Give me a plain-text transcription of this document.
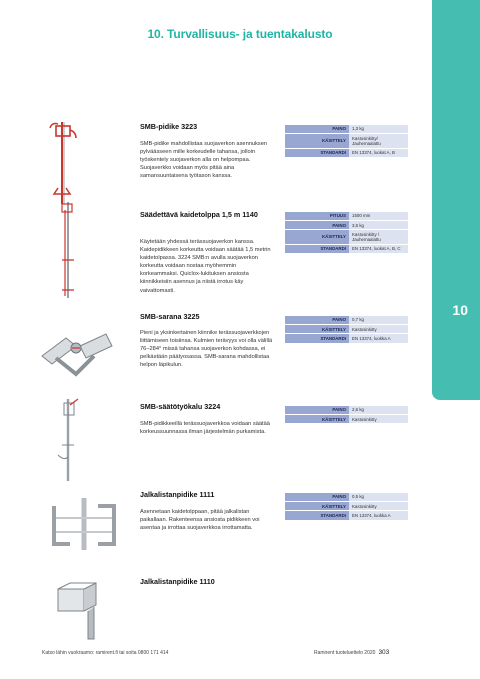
10
10. Turvallisuus- ja tuentakalusto
SMB-pidike 3223
SMB-pidike mahdollistaa suojaverkon asennuksen pylväässeen mille korkeudelle tahansa, jolloin työskentely suojaverkon alla on helpompaa. Suojaverkko voidaan myös pitää aina samansuuntaisena työtason kanssa.
PAINO	1,3 kg
KÄSITTELY	Kastosinkitty/ Jauhemaalattu
STANDARDI	EN 13374, luokat A, B
Säädettävä kaidetolppa 1,5 m 1140
Käytetään yhdessä terässuojaverkon kanssa. Kaidepidikkeen korkeutta voidaan säätää 1,5 metrin kaidetolpassa. 3224 SMB:n avulla suojaverkon korkeutta voidaan nostaa myöhemmin korkeammaksi. Quiclox-lukituksen ansiosta kiinnikkeisiin asennus ja niistä irrotus käy vaivattomasti.
PITUUS	1500 mm
PAINO	3,5 kg
KÄSITTELY	Kastosinkitty / Jauhemaalattu
STANDARDI	EN 13374, luokat A, B, C
SMB-sarana 3225
Pieni ja yksinkertainen kiinnike terässuojaverkkojen liittämiseen toisiinsa. Kulmien terävyys voi olla välillä 76–284° missä tahansa suojaverkon kohdassa, ei pelkästään päätyosassa. SMB-sarana mahdollistaa helpon läpikulun.
PAINO	0,7 kg
KÄSITTELY	Kastosinkitty
STANDARDI	EN 13374, luokka A
SMB-säätötyökalu 3224
SMB-pidikkeeillä terässuojaverkkoa voidaan säätää korkeussuunnassa ilman järjestelmän purkamista.
PAINO	2,6 kg
KÄSITTELY	Kastosinkitty
Jalkalistanpidike 1111
Asennetaan kaidetolppaan, pitää jalkalistan paikallaan. Rakenteensa ansiosta pidikkeen voi asentaa ja irrottaa suojaverkkoa irrottamatta.
PAINO	0,5 kg
KÄSITTELY	Kastosinkitty
STANDARDI	EN 13374, luokka A
Jalkalistanpidike 1110
Katso lähin vuokraamo: ramirent.fi tai soita 0800 171 414	Ramirent tuoteluettelo 2020 303
